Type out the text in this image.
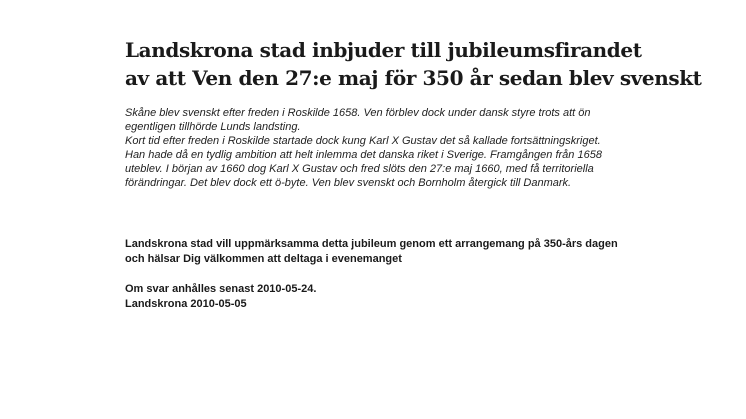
Landskrona stad inbjuder till jubileumsfirandet
av att Ven den 27:e maj för 350 år sedan blev svenskt
Skåne blev svenskt efter freden i Roskilde 1658. Ven förblev dock under dansk styre trots att ön
egentligen tillhörde Lunds landsting.
Kort tid efter freden i Roskilde startade dock kung Karl X Gustav det så kallade fortsättningskriget.
Han hade då en tydlig ambition att helt inlemma det danska riket i Sverige. Framgången från 1658
uteblev. I början av 1660 dog Karl X Gustav och fred slöts den 27:e maj 1660, med få territoriella
förändringar. Det blev dock ett ö-byte. Ven blev svenskt och Bornholm återgick till Danmark.
Landskrona stad vill uppmärksamma detta jubileum genom ett arrangemang på 350-års dagen
och hälsar Dig välkommen att deltaga i evenemanget
Om svar anhålles senast 2010-05-24.
Landskrona 2010-05-05
